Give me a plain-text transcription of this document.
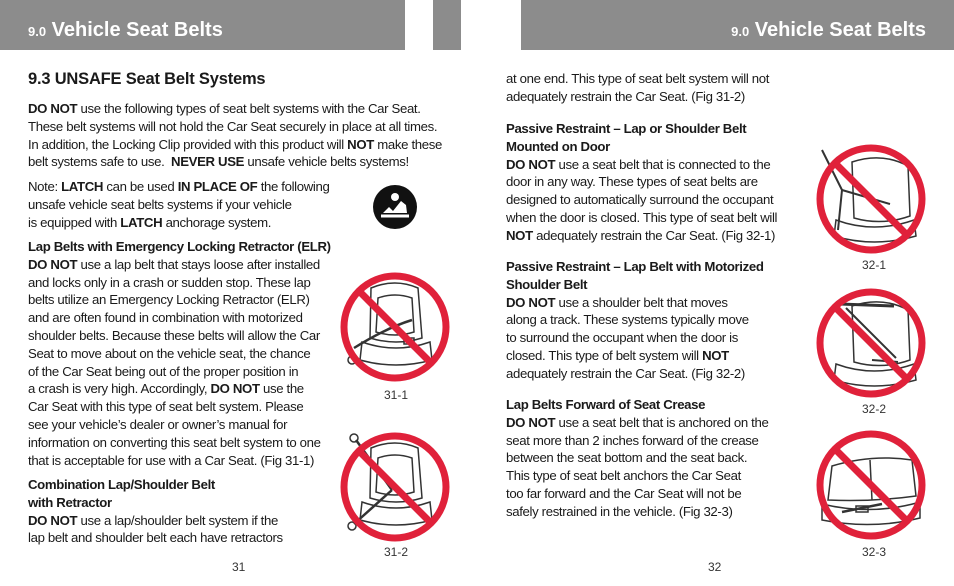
9.0 Vehicle Seat Belts	9.0 Vehicle Seat Belts
9.3 UNSAFE Seat Belt Systems

DO NOT use the following types of seat belt systems with the Car Seat.

These belt systems will not hold the Car Seat securely in place at all times.

In addition, the Locking Clip provided with this product will NOT make these

belt systems safe to use.  NEVER USE unsafe vehicle belts systems!

Note: LATCH can be used IN PLACE OF the following

unsafe vehicle seat belts systems if your vehicle

is equipped with LATCH anchorage system.

Lap Belts with Emergency Locking Retractor (ELR)

DO NOT use a lap belt that stays loose after installed

and locks only in a crash or sudden stop. These lap

belts utilize an Emergency Locking Retractor (ELR)

and are often found in combination with motorized

shoulder belts. Because these belts will allow the Car

Seat to move about on the vehicle seat, the chance

of the Car Seat being out of the proper position in

a crash is very high. Accordingly, DO NOT use the

Car Seat with this type of seat belt system. Please

see your vehicle’s dealer or owner’s manual for

information on converting this seat belt system to one

that is acceptable for use with a Car Seat. (Fig 31-1)

Combination Lap/Shoulder Belt

with Retractor

DO NOT use a lap/shoulder belt system if the

lap belt and shoulder belt each have retractors

31-1
31-2
31

at one end. This type of seat belt system will not

adequately restrain the Car Seat. (Fig 31-2)

Passive Restraint – Lap or Shoulder Belt

Mounted on Door

DO NOT use a seat belt that is connected to the

door in any way. These types of seat belts are

designed to automatically surround the occupant

when the door is closed. This type of seat belt will

NOT adequately restrain the Car Seat. (Fig 32-1)

Passive Restraint – Lap Belt with Motorized

Shoulder Belt

DO NOT use a shoulder belt that moves

along a track. These systems typically move

to surround the occupant when the door is

closed. This type of belt system will NOT

adequately restrain the Car Seat. (Fig 32-2)

Lap Belts Forward of Seat Crease

DO NOT use a seat belt that is anchored on the

seat more than 2 inches forward of the crease

between the seat bottom and the seat back.

This type of seat belt anchors the Car Seat

too far forward and the Car Seat will not be

safely restrained in the vehicle. (Fig 32-3)

32-1
32-2
32-3
32
